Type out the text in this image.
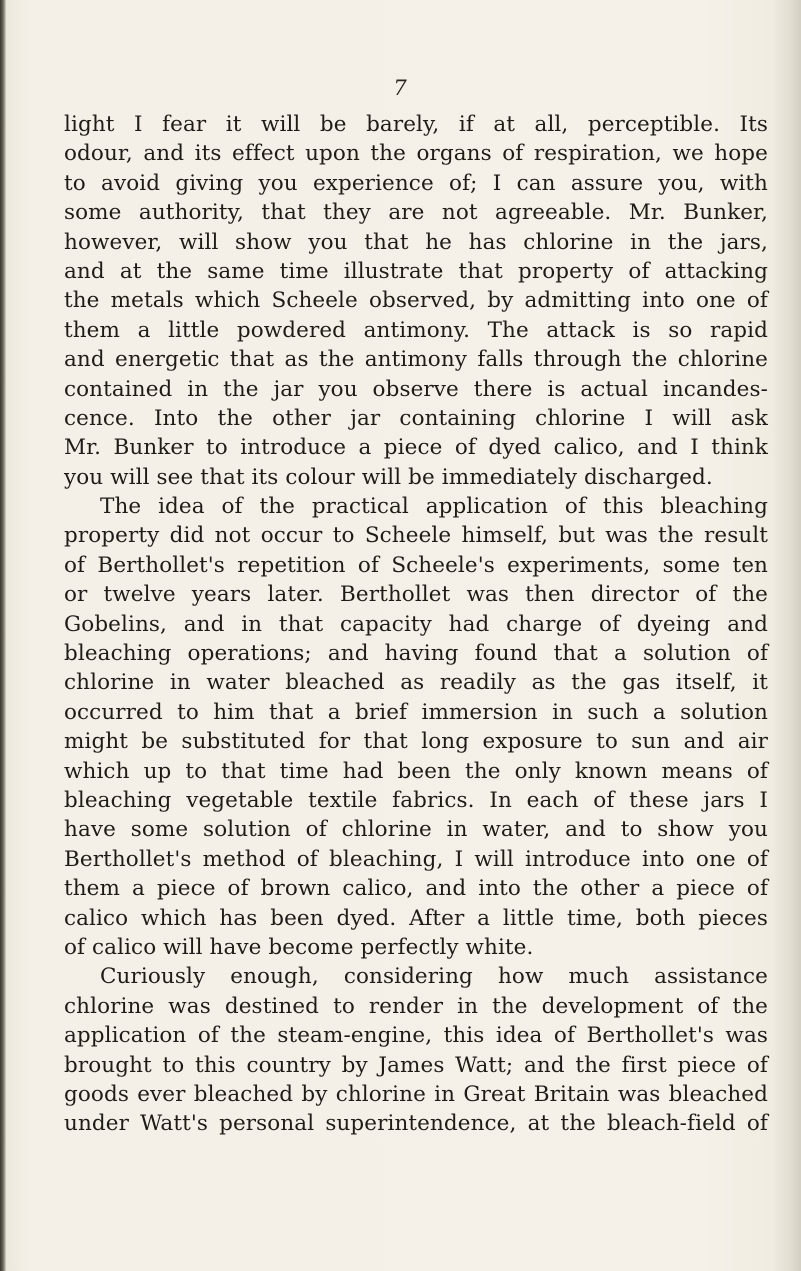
7
light I fear it will be barely, if at all, perceptible. Its
odour, and its effect upon the organs of respiration, we hope
to avoid giving you experience of; I can assure you, with
some authority, that they are not agreeable. Mr. Bunker,
however, will show you that he has chlorine in the jars,
and at the same time illustrate that property of attacking
the metals which Scheele observed, by admitting into one of
them a little powdered antimony. The attack is so rapid
and energetic that as the antimony falls through the chlorine
contained in the jar you observe there is actual incandes-
cence. Into the other jar containing chlorine I will ask
Mr. Bunker to introduce a piece of dyed calico, and I think
you will see that its colour will be immediately discharged.
The idea of the practical application of this bleaching
property did not occur to Scheele himself, but was the result
of Berthollet's repetition of Scheele's experiments, some ten
or twelve years later. Berthollet was then director of the
Gobelins, and in that capacity had charge of dyeing and
bleaching operations; and having found that a solution of
chlorine in water bleached as readily as the gas itself, it
occurred to him that a brief immersion in such a solution
might be substituted for that long exposure to sun and air
which up to that time had been the only known means of
bleaching vegetable textile fabrics. In each of these jars I
have some solution of chlorine in water, and to show you
Berthollet's method of bleaching, I will introduce into one of
them a piece of brown calico, and into the other a piece of
calico which has been dyed. After a little time, both pieces
of calico will have become perfectly white.
Curiously enough, considering how much assistance
chlorine was destined to render in the development of the
application of the steam-engine, this idea of Berthollet's was
brought to this country by James Watt; and the first piece of
goods ever bleached by chlorine in Great Britain was bleached
under Watt's personal superintendence, at the bleach-field of
